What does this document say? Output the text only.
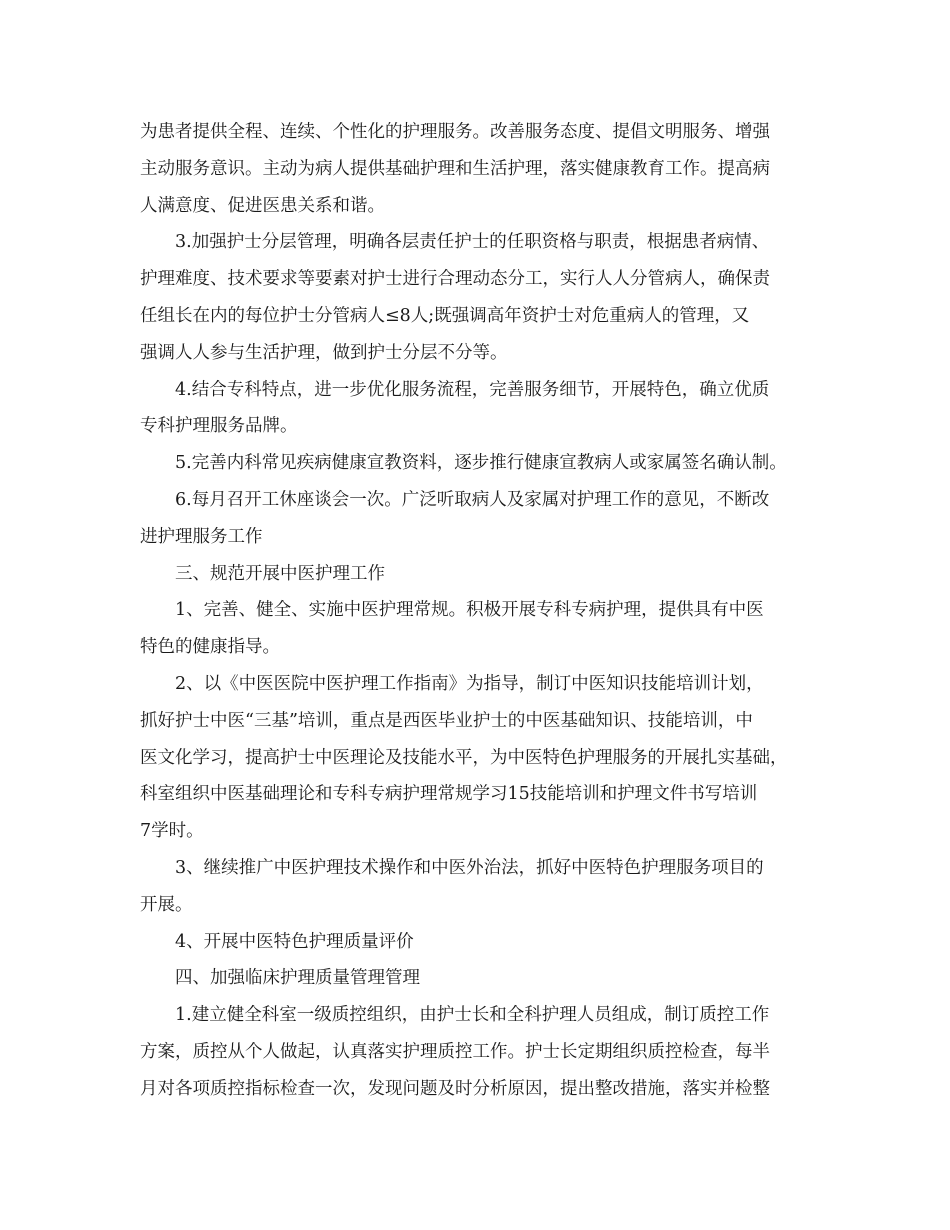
为患者提供全程、连续、个性化的护理服务。改善服务态度、提倡文明服务、增强
主动服务意识。主动为病人提供基础护理和生活护理，落实健康教育工作。提高病
人满意度、促进医患关系和谐。
3.加强护士分层管理，明确各层责任护士的任职资格与职责，根据患者病情、
护理难度、技术要求等要素对护士进行合理动态分工，实行人人分管病人，确保责
任组长在内的每位护士分管病人≤8人;既强调高年资护士对危重病人的管理，又
强调人人参与生活护理，做到护士分层不分等。
4.结合专科特点，进一步优化服务流程，完善服务细节，开展特色，确立优质
专科护理服务品牌。
5.完善内科常见疾病健康宣教资料，逐步推行健康宣教病人或家属签名确认制。
6.每月召开工休座谈会一次。广泛听取病人及家属对护理工作的意见，不断改
进护理服务工作
三、规范开展中医护理工作
1、完善、健全、实施中医护理常规。积极开展专科专病护理，提供具有中医
特色的健康指导。
2、以《中医医院中医护理工作指南》为指导，制订中医知识技能培训计划，
抓好护士中医“三基”培训，重点是西医毕业护士的中医基础知识、技能培训，中
医文化学习，提高护士中医理论及技能水平，为中医特色护理服务的开展扎实基础，
科室组织中医基础理论和专科专病护理常规学习15技能培训和护理文件书写培训
7学时。
3、继续推广中医护理技术操作和中医外治法，抓好中医特色护理服务项目的
开展。
4、开展中医特色护理质量评价
四、加强临床护理质量管理管理
1.建立健全科室一级质控组织，由护士长和全科护理人员组成，制订质控工作
方案，质控从个人做起，认真落实护理质控工作。护士长定期组织质控检查，每半
月对各项质控指标检查一次，发现问题及时分析原因，提出整改措施，落实并检整
